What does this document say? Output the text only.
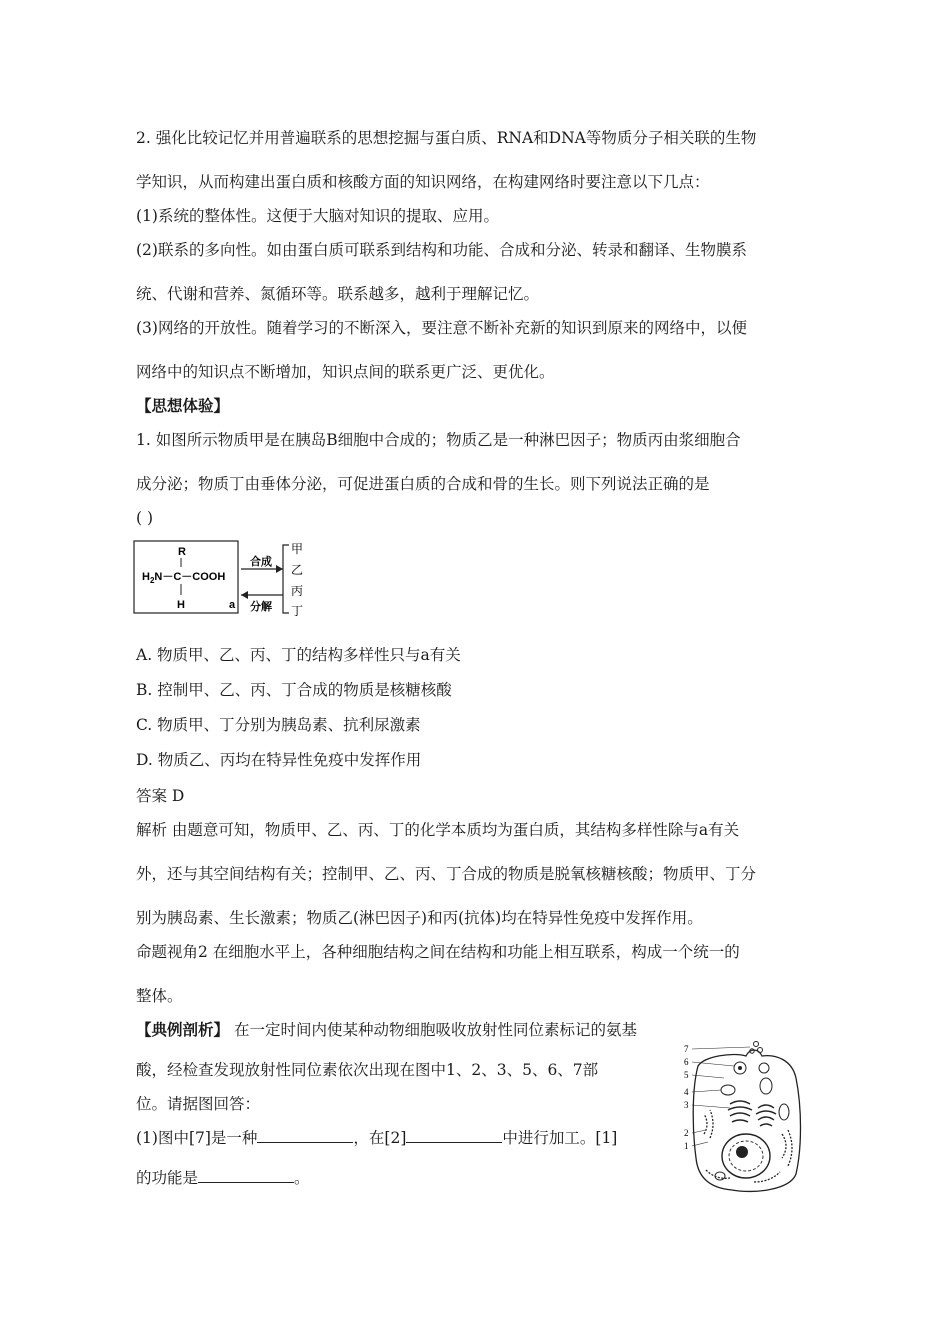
2. 强化比较记忆并用普遍联系的思想挖掘与蛋白质、RNA和DNA等物质分子相关联的生物
学知识，从而构建出蛋白质和核酸方面的知识网络，在构建网络时要注意以下几点：
(1)系统的整体性。这便于大脑对知识的提取、应用。
(2)联系的多向性。如由蛋白质可联系到结构和功能、合成和分泌、转录和翻译、生物膜系
统、代谢和营养、氮循环等。联系越多，越利于理解记忆。
(3)网络的开放性。随着学习的不断深入，要注意不断补充新的知识到原来的网络中，以便
网络中的知识点不断增加，知识点间的联系更广泛、更优化。
【思想体验】
1. 如图所示物质甲是在胰岛B细胞中合成的；物质乙是一种淋巴因子；物质丙由浆细胞合
成分泌；物质丁由垂体分泌，可促进蛋白质的合成和骨的生长。则下列说法正确的是
( )
R
$H_2N-C-COOH$
H	a
合成
分解
甲
乙
丙
丁
A. 物质甲、乙、丙、丁的结构多样性只与a有关
B. 控制甲、乙、丙、丁合成的物质是核糖核酸
C. 物质甲、丁分别为胰岛素、抗利尿激素
D. 物质乙、丙均在特异性免疫中发挥作用
答案 D
解析 由题意可知，物质甲、乙、丙、丁的化学本质均为蛋白质，其结构多样性除与a有关
外，还与其空间结构有关；控制甲、乙、丙、丁合成的物质是脱氧核糖核酸；物质甲、丁分
别为胰岛素、生长激素；物质乙(淋巴因子)和丙(抗体)均在特异性免疫中发挥作用。
命题视角2 在细胞水平上，各种细胞结构之间在结构和功能上相互联系，构成一个统一的
整体。
【典例剖析】 在一定时间内使某种动物细胞吸收放射性同位素标记的氨基
酸，经检查发现放射性同位素依次出现在图中1、2、3、5、6、7部
位。请据图回答：
(1)图中[7]是一种	，在[2]	中进行加工。[1]
的功能是	。
7
6
5
4
3
2
1
